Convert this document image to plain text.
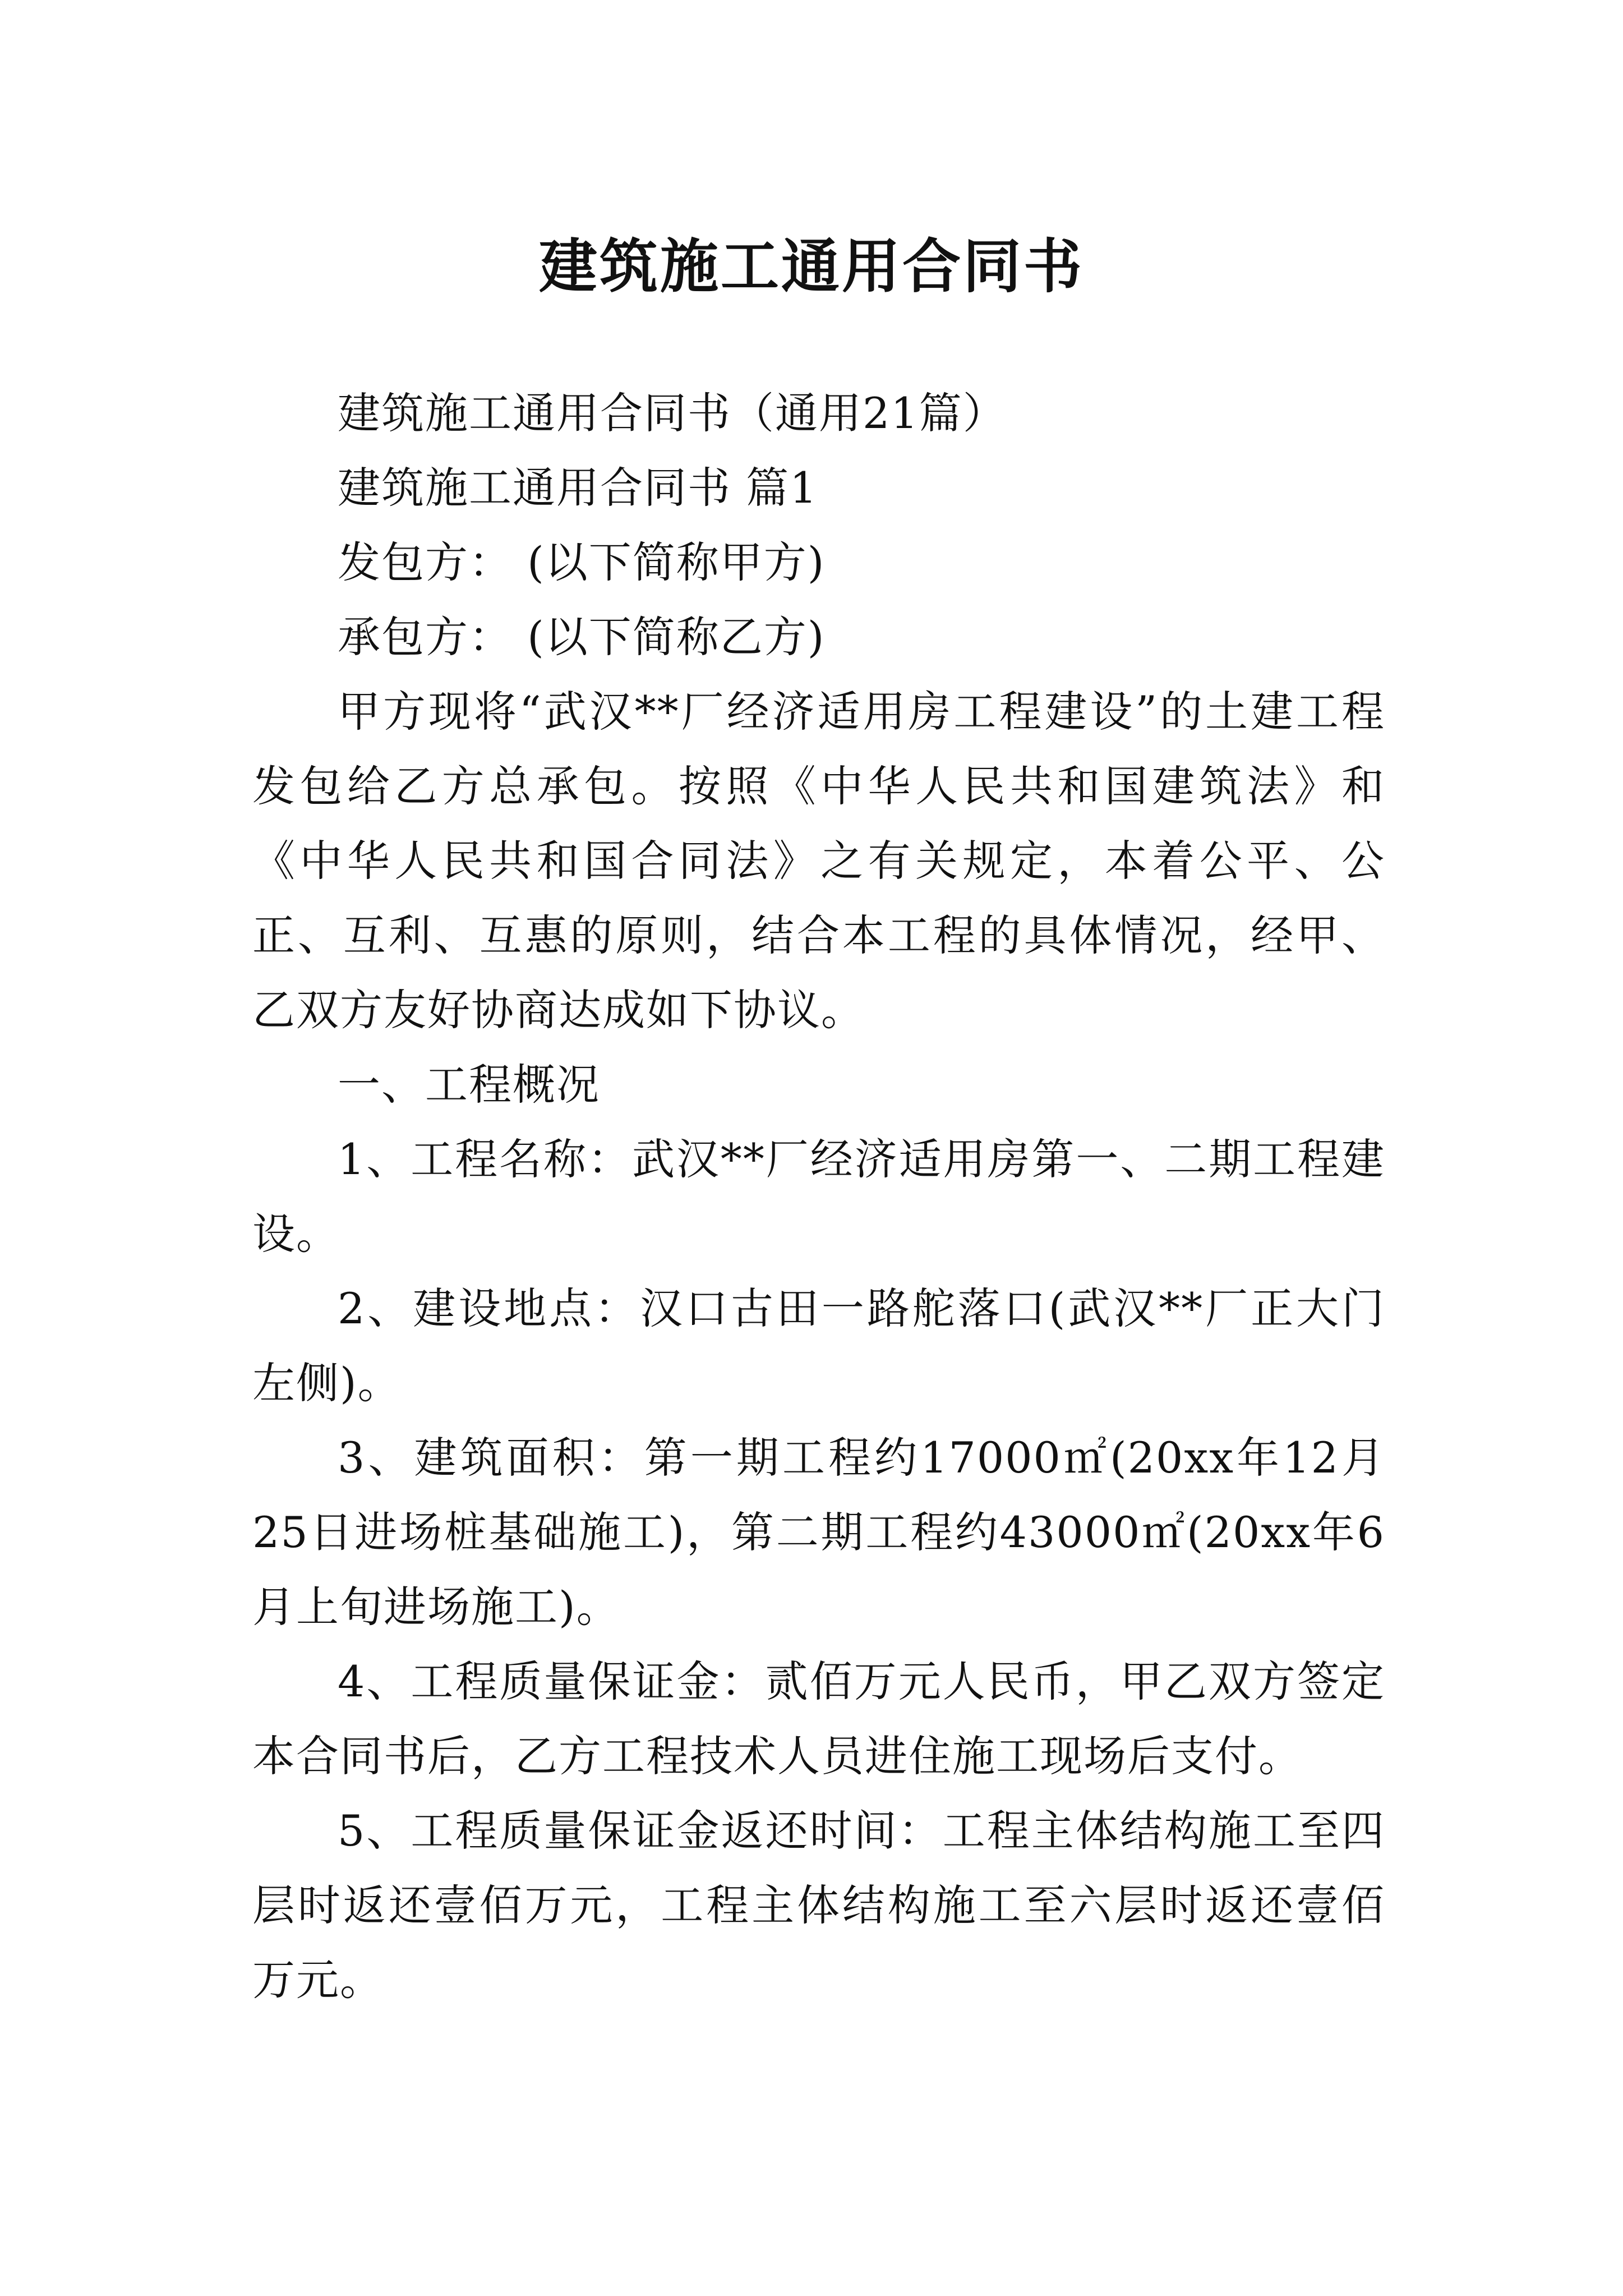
建筑施工通用合同书

建筑施工通用合同书（通用21篇）

建筑施工通用合同书 篇1

发包方： (以下简称甲方)

承包方： (以下简称乙方)

甲方现将“武汉**厂经济适用房工程建设”的土建工程发包给乙方总承包。按照《中华人民共和国建筑法》和《中华人民共和国合同法》之有关规定，本着公平、公正、互利、互惠的原则，结合本工程的具体情况，经甲、乙双方友好协商达成如下协议。

一、工程概况

1、工程名称：武汉**厂经济适用房第一、二期工程建设。

2、建设地点：汉口古田一路舵落口(武汉**厂正大门左侧)。

3、建筑面积：第一期工程约17000㎡(20xx年12月25日进场桩基础施工)，第二期工程约43000㎡(20xx年6月上旬进场施工)。

4、工程质量保证金：贰佰万元人民币，甲乙双方签定本合同书后，乙方工程技术人员进住施工现场后支付。

5、工程质量保证金返还时间：工程主体结构施工至四层时返还壹佰万元，工程主体结构施工至六层时返还壹佰万元。
